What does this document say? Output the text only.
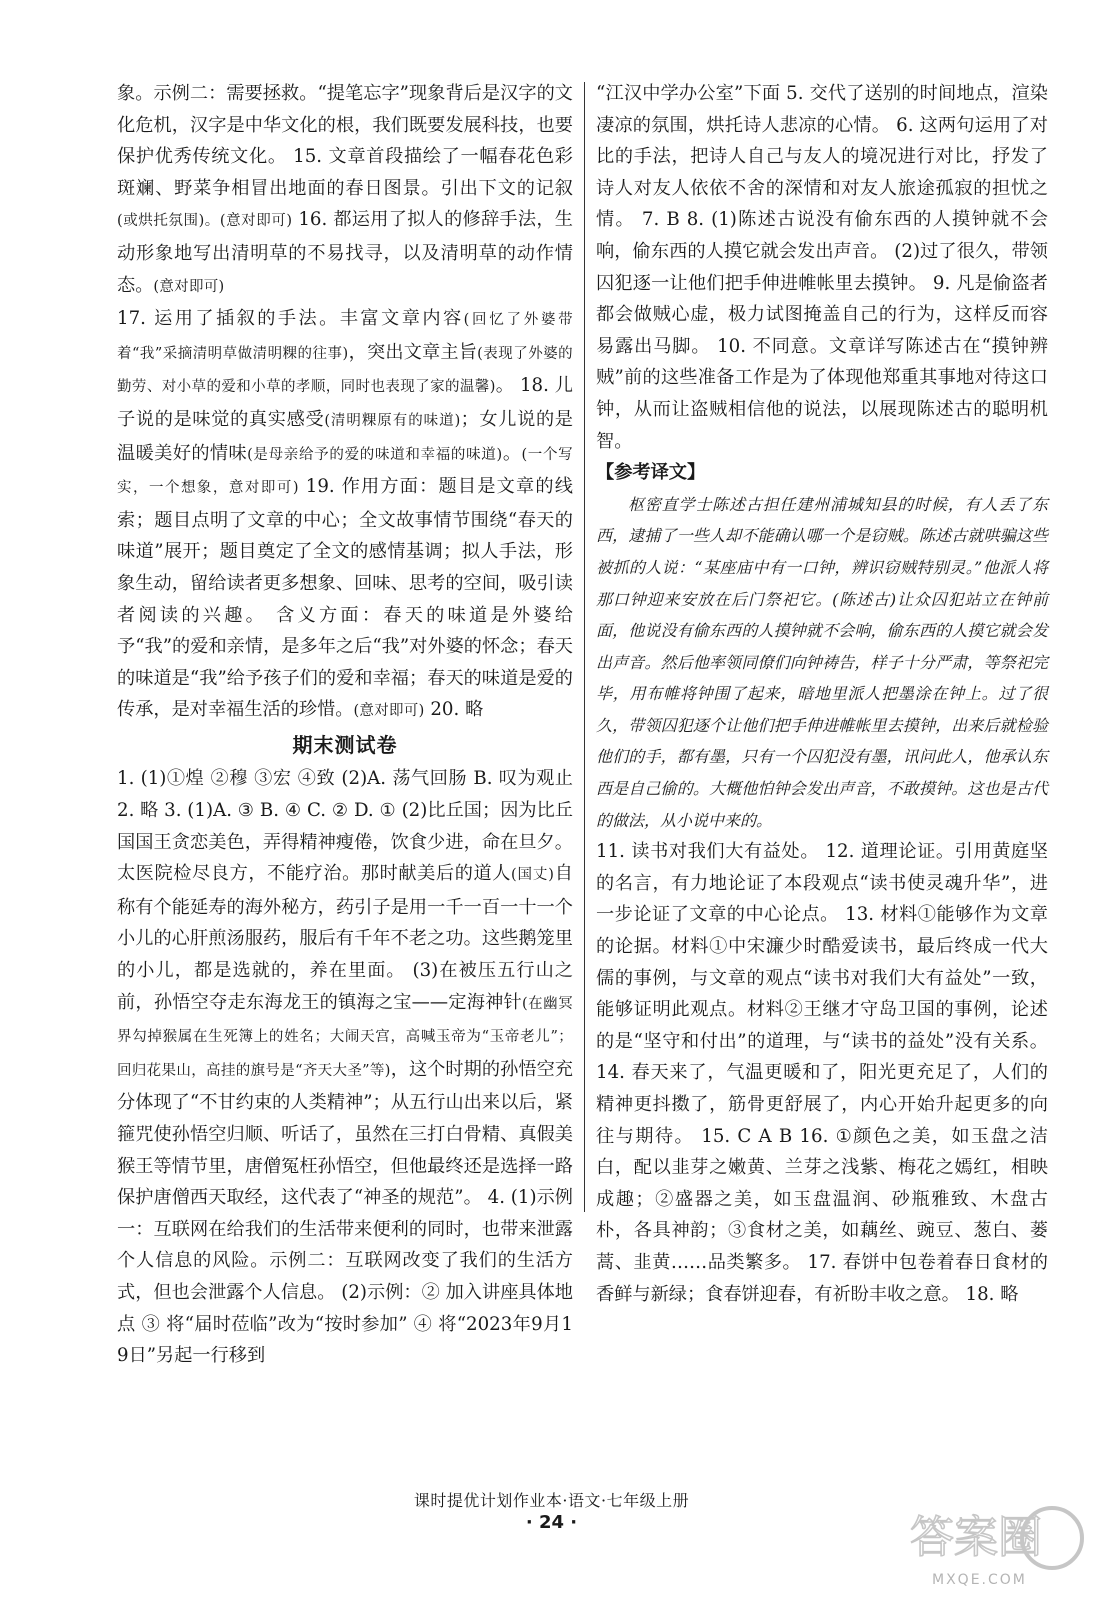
象。示例二：需要拯救。“提笔忘字”现象背后是汉字的文化危机，汉字是中华文化的根，我们既要发展科技，也要保护优秀传统文化。 15. 文章首段描绘了一幅春花色彩斑斓、野菜争相冒出地面的春日图景。引出下文的记叙(或烘托氛围)。(意对即可) 16. 都运用了拟人的修辞手法，生动形象地写出清明草的不易找寻，以及清明草的动作情态。(意对即可)

17. 运用了插叙的手法。丰富文章内容(回忆了外婆带着“我”采摘清明草做清明粿的往事)，突出文章主旨(表现了外婆的勤劳、对小草的爱和小草的孝顺，同时也表现了家的温馨)。 18. 儿子说的是味觉的真实感受(清明粿原有的味道)；女儿说的是温暖美好的情味(是母亲给予的爱的味道和幸福的味道)。(一个写实，一个想象，意对即可) 19. 作用方面：题目是文章的线索；题目点明了文章的中心；全文故事情节围绕“春天的味道”展开；题目奠定了全文的感情基调；拟人手法，形象生动，留给读者更多想象、回味、思考的空间，吸引读者阅读的兴趣。 含义方面：春天的味道是外婆给予“我”的爱和亲情，是多年之后“我”对外婆的怀念；春天的味道是“我”给予孩子们的爱和幸福；春天的味道是爱的传承，是对幸福生活的珍惜。(意对即可) 20. 略

期末测试卷

1. (1)①煌 ②穆 ③宏 ④致 (2)A. 荡气回肠 B. 叹为观止 2. 略 3. (1)A. ③ B. ④ C. ② D. ① (2)比丘国；因为比丘国国王贪恋美色，弄得精神瘦倦，饮食少进，命在旦夕。太医院检尽良方，不能疗治。那时献美后的道人(国丈)自称有个能延寿的海外秘方，药引子是用一千一百一十一个小儿的心肝煎汤服药，服后有千年不老之功。这些鹅笼里的小儿，都是选就的，养在里面。 (3)在被压五行山之前，孙悟空夺走东海龙王的镇海之宝——定海神针(在幽冥界勾掉猴属在生死簿上的姓名；大闹天宫，高喊玉帝为“玉帝老儿”；回归花果山，高挂的旗号是“齐天大圣”等)，这个时期的孙悟空充分体现了“不甘约束的人类精神”；从五行山出来以后，紧箍咒使孙悟空归顺、听话了，虽然在三打白骨精、真假美猴王等情节里，唐僧冤枉孙悟空，但他最终还是选择一路保护唐僧西天取经，这代表了“神圣的规范”。 4. (1)示例一：互联网在给我们的生活带来便利的同时，也带来泄露个人信息的风险。示例二：互联网改变了我们的生活方式，但也会泄露个人信息。 (2)示例：② 加入讲座具体地点 ③ 将“届时莅临”改为“按时参加” ④ 将“2023年9月19日”另起一行移到

“江汉中学办公室”下面 5. 交代了送别的时间地点，渲染凄凉的氛围，烘托诗人悲凉的心情。 6. 这两句运用了对比的手法，把诗人自己与友人的境况进行对比，抒发了诗人对友人依依不舍的深情和对友人旅途孤寂的担忧之情。 7. B 8. (1)陈述古说没有偷东西的人摸钟就不会响，偷东西的人摸它就会发出声音。 (2)过了很久，带领囚犯逐一让他们把手伸进帷帐里去摸钟。 9. 凡是偷盗者都会做贼心虚，极力试图掩盖自己的行为，这样反而容易露出马脚。 10. 不同意。文章详写陈述古在“摸钟辨贼”前的这些准备工作是为了体现他郑重其事地对待这口钟，从而让盗贼相信他的说法，以展现陈述古的聪明机智。

【参考译文】

枢密直学士陈述古担任建州浦城知县的时候，有人丢了东西，逮捕了一些人却不能确认哪一个是窃贼。陈述古就哄骗这些被抓的人说：“某座庙中有一口钟，辨识窃贼特别灵。”他派人将那口钟迎来安放在后门祭祀它。(陈述古)让众囚犯站立在钟前面，他说没有偷东西的人摸钟就不会响，偷东西的人摸它就会发出声音。然后他率领同僚们向钟祷告，样子十分严肃，等祭祀完毕，用布帷将钟围了起来，暗地里派人把墨涂在钟上。过了很久，带领囚犯逐个让他们把手伸进帷帐里去摸钟，出来后就检验他们的手，都有墨，只有一个囚犯没有墨，讯问此人，他承认东西是自己偷的。大概他怕钟会发出声音，不敢摸钟。这也是古代的做法，从小说中来的。

11. 读书对我们大有益处。 12. 道理论证。引用黄庭坚的名言，有力地论证了本段观点“读书使灵魂升华”，进一步论证了文章的中心论点。 13. 材料①能够作为文章的论据。材料①中宋濂少时酷爱读书，最后终成一代大儒的事例，与文章的观点“读书对我们大有益处”一致，能够证明此观点。材料②王继才守岛卫国的事例，论述的是“坚守和付出”的道理，与“读书的益处”没有关系。 14. 春天来了，气温更暖和了，阳光更充足了，人们的精神更抖擞了，筋骨更舒展了，内心开始升起更多的向往与期待。 15. C A B 16. ①颜色之美，如玉盘之洁白，配以韭芽之嫩黄、兰芽之浅紫、梅花之嫣红，相映成趣；②盛器之美，如玉盘温润、砂瓶雅致、木盘古朴，各具神韵；③食材之美，如藕丝、豌豆、葱白、蒌蒿、韭黄……品类繁多。 17. 春饼中包卷着春日食材的香鲜与新绿；食春饼迎春，有祈盼丰收之意。 18. 略

课时提优计划作业本·语文·七年级上册
· 24 ·	答案圈
MXQE.COM
